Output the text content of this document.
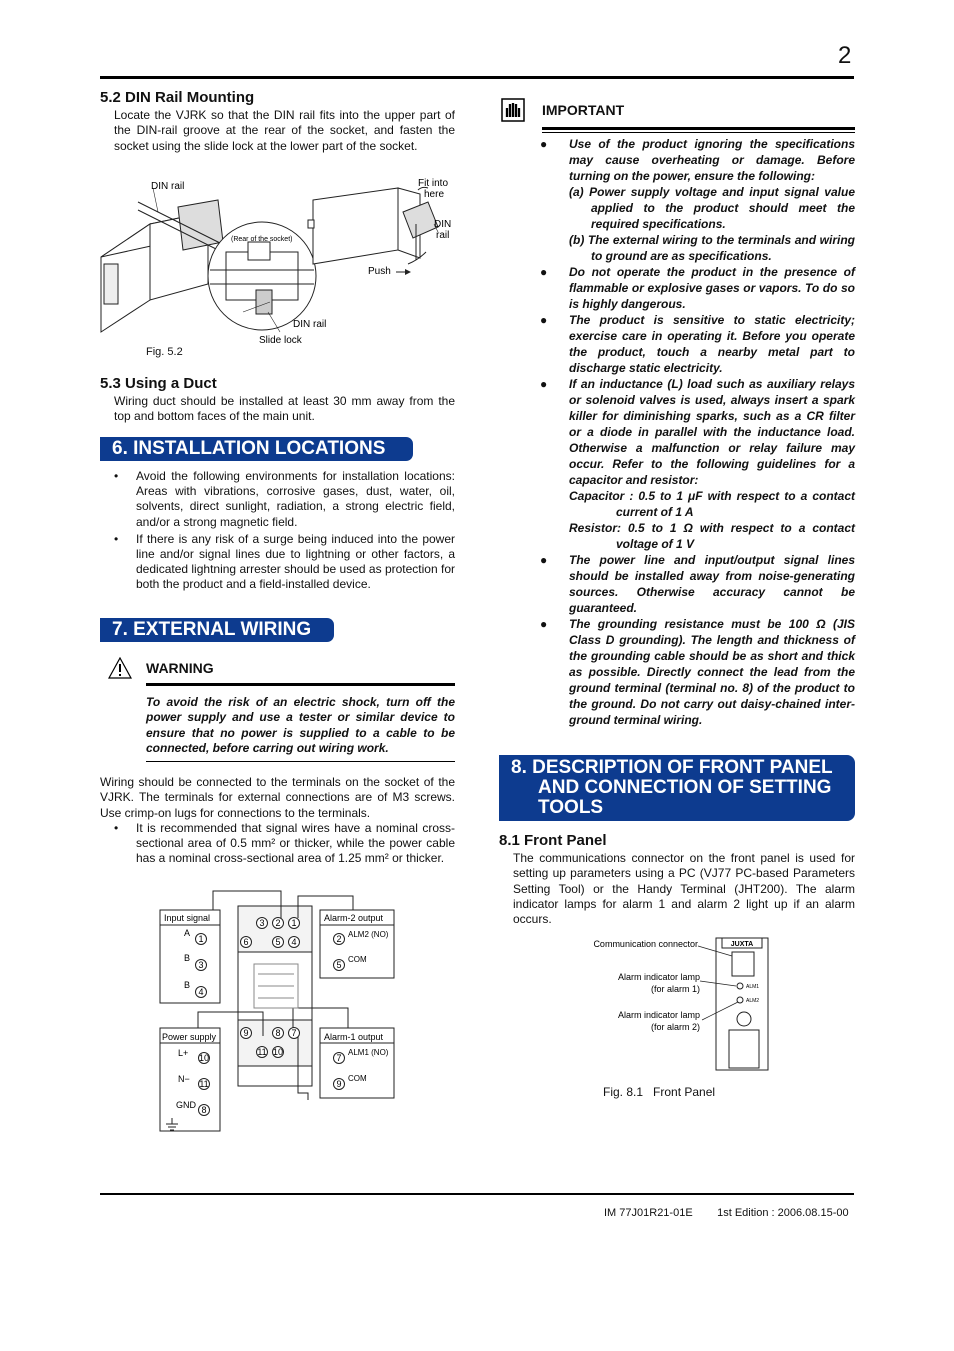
2
5.2 DIN Rail Mounting
Locate the VJRK so that the DIN rail fits into the upper part of the DIN-rail groove at the rear of the socket, and fasten the socket using the slide lock at the lower part of the socket.
DIN rail	Fit into
here
DIN
rail
(Rear of the socket)
Push
DIN rail
Slide lock
Fig. 5.2
5.3 Using a Duct
Wiring duct should be installed at least 30 mm away from the top and bottom faces of the main unit.
6. INSTALLATION LOCATIONS
• Avoid the following environments for installation locations: Areas with vibrations, corrosive gases, dust, water, oil, solvents, direct sunlight, radiation, a strong electric field, and/or a strong magnetic field.
• If there is any risk of a surge being induced into the power line and/or signal lines due to lightning or other factors, a dedicated lightning arrester should be used as protection for both the product and a field-installed device.
7. EXTERNAL WIRING
WARNING
To avoid the risk of an electric shock, turn off the power supply and use a tester or similar device to ensure that no power is supplied to a cable to be connected, before carring out wiring work.
Wiring should be connected to the terminals on the socket of the VJRK. The terminals for external connections are of M3 screws. Use crimp-on lugs for connections to the terminals.
• It is recommended that signal wires have a nominal cross-sectional area of 0.5 mm² or thicker, while the power cable has a nominal cross-sectional area of 1.25 mm² or thicker.
1
3
4
2
5
10
11
8
7
9
3 2 1
6	5 4
9	8 7
11 10
Input signal
A
B
B
Alarm-2 output
ALM2 (NO)
COM
Power supply
L+
N−
GND
Alarm-1 output
ALM1 (NO)
COM
IMPORTANT
● Use of the product ignoring the specifications may cause overheating or damage. Before turning on the power, ensure the following:
(a) Power supply voltage and input signal value applied to the product should meet the required specifications.
(b) The external wiring to the terminals and wiring to ground are as specifications.
● Do not operate the product in the presence of flammable or explosive gases or vapors. To do so is highly dangerous.
● The product is sensitive to static electricity; exercise care in operating it. Before you operate the product, touch a nearby metal part to discharge static electricity.
● If an inductance (L) load such as auxiliary relays or solenoid valves is used, always insert a spark killer for diminishing sparks, such as a CR filter or a diode in parallel with the inductance load. Otherwise a malfunction or relay failure may occur. Refer to the following guidelines for a capacitor and resistor:
Capacitor : 0.5 to 1 μF with respect to a contact current of 1 A
Resistor: 0.5 to 1 Ω with respect to a contact voltage of 1 V
● The power line and input/output signal lines should be installed away from noise-generating sources. Otherwise accuracy cannot be guaranteed.
● The grounding resistance must be 100 Ω (JIS Class D grounding). The length and thickness of the grounding cable should be as short and thick as possible. Directly connect the lead from the ground terminal (terminal no. 8) of the product to the ground. Do not carry out daisy-chained inter-ground terminal wiring.
8. DESCRIPTION OF FRONT PANEL
AND CONNECTION OF SETTING
TOOLS
8.1 Front Panel
The communications connector on the front panel is used for setting up parameters using a PC (VJ77 PC-based Parameters Setting Tool) or the Handy Terminal (JHT200). The alarm indicator lamps for alarm 1 and alarm 2 light up if an alarm occurs.
JUXTA
ALM1
ALM2
Communication connector
Alarm indicator lamp
(for alarm 1)
Alarm indicator lamp
(for alarm 2)
Fig. 8.1   Front Panel
IM 77J01R21-01E        1st Edition : 2006.08.15-00
